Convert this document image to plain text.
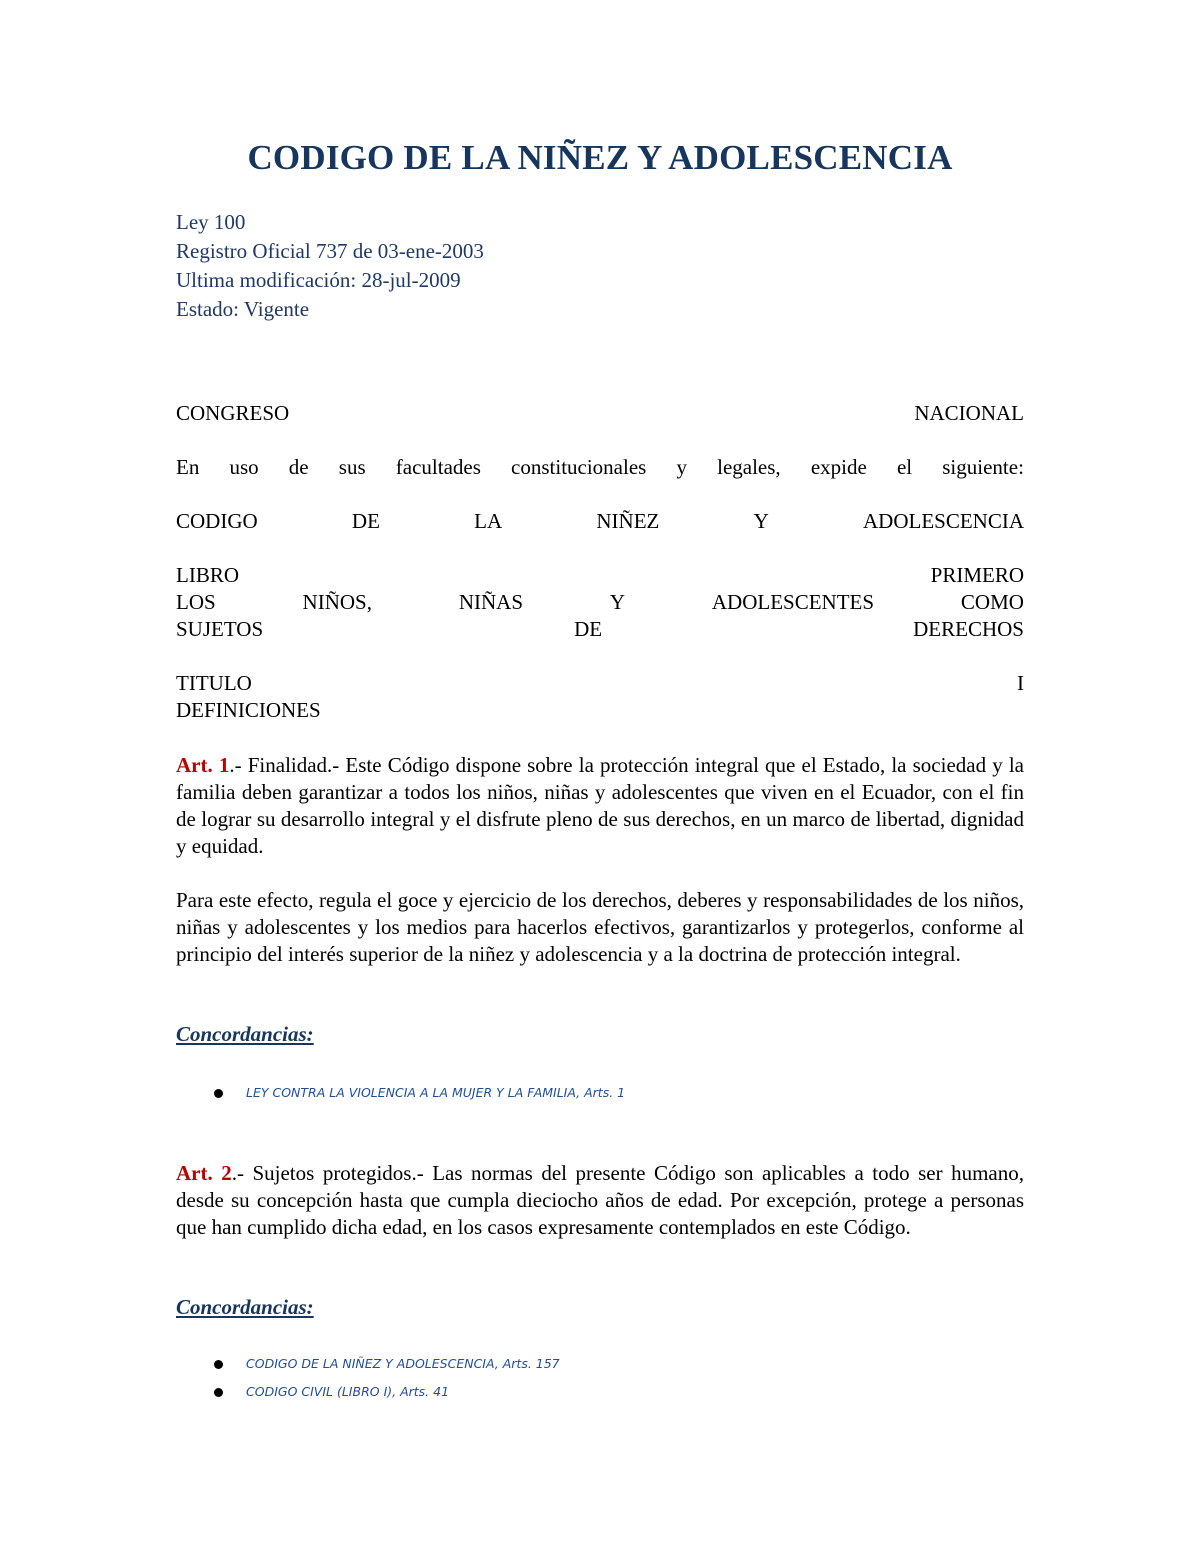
CODIGO DE LA NIÑEZ Y ADOLESCENCIA
Ley 100
Registro Oficial 737 de 03-ene-2003
Ultima modificación: 28-jul-2009
Estado: Vigente
CONGRESO	NACIONAL
En uso de sus facultades constitucionales y legales, expide el siguiente:
CODIGO	DE	LA	NIÑEZ	Y	ADOLESCENCIA
LIBRO	PRIMERO
LOS	NIÑOS,	NIÑAS	Y	ADOLESCENTES	COMO
SUJETOS	DE	DERECHOS
TITULO	I
DEFINICIONES
Art. 1.- Finalidad.- Este Código dispone sobre la protección integral que el Estado, la sociedad y la familia deben garantizar a todos los niños, niñas y adolescentes que viven en el Ecuador, con el fin de lograr su desarrollo integral y el disfrute pleno de sus derechos, en un marco de libertad, dignidad y equidad.
Para este efecto, regula el goce y ejercicio de los derechos, deberes y responsabilidades de los niños, niñas y adolescentes y los medios para hacerlos efectivos, garantizarlos y protegerlos, conforme al principio del interés superior de la niñez y adolescencia y a la doctrina de protección integral.
Concordancias:
LEY CONTRA LA VIOLENCIA A LA MUJER Y LA FAMILIA, Arts. 1
Art. 2.- Sujetos protegidos.- Las normas del presente Código son aplicables a todo ser humano, desde su concepción hasta que cumpla dieciocho años de edad. Por excepción, protege a personas que han cumplido dicha edad, en los casos expresamente contemplados en este Código.
Concordancias:
CODIGO DE LA NIÑEZ Y ADOLESCENCIA, Arts. 157
CODIGO CIVIL (LIBRO I), Arts. 41
